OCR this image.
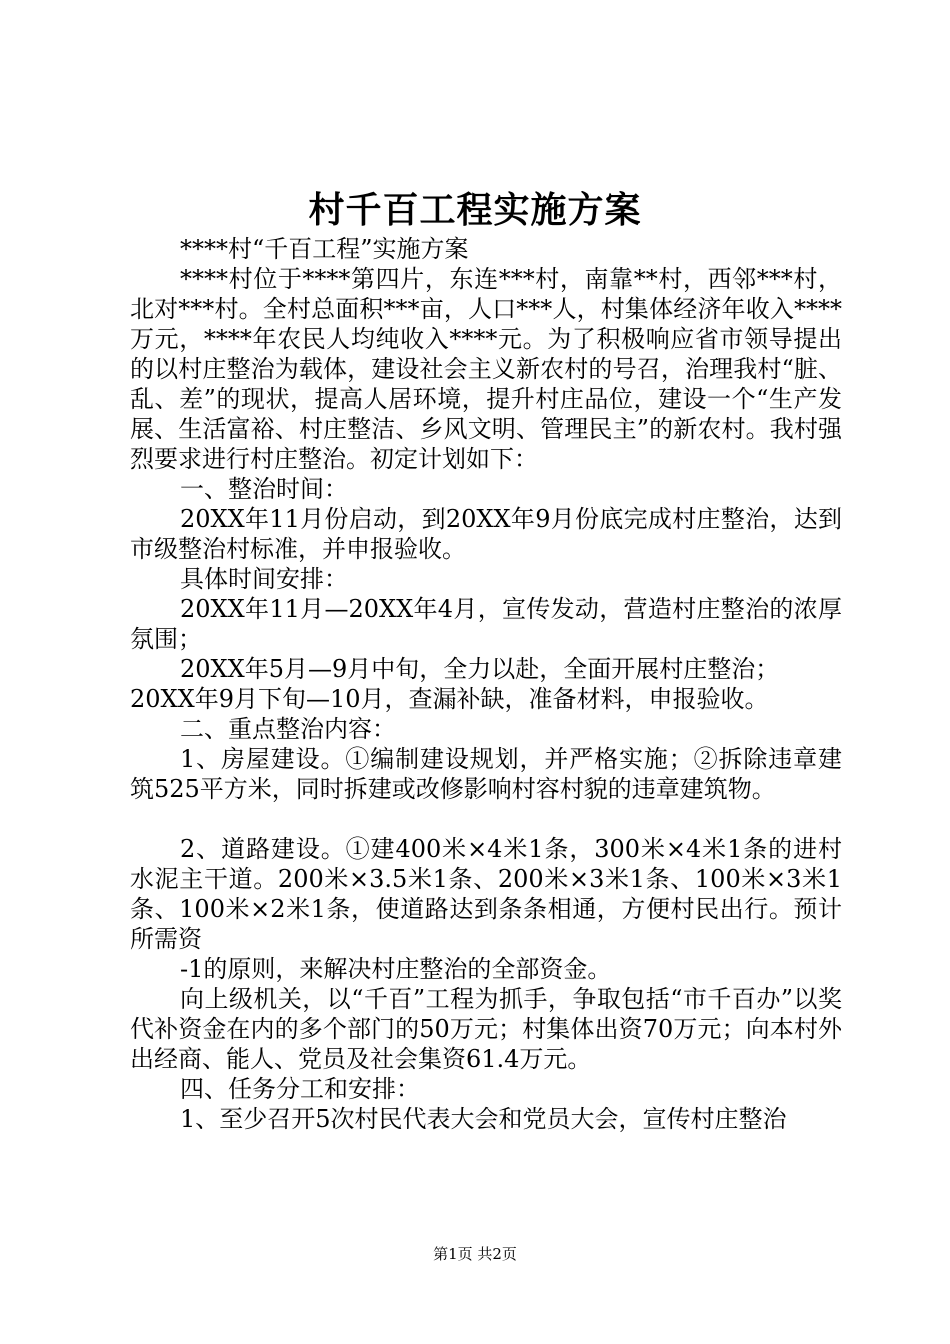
村千百工程实施方案

****村“千百工程”实施方案

****村位于****第四片，东连***村，南靠**村，西邻***村，北对***村。全村总面积***亩，人口***人，村集体经济年收入****万元，****年农民人均纯收入****元。为了积极响应省市领导提出的以村庄整治为载体，建设社会主义新农村的号召，治理我村“脏、乱、差”的现状，提高人居环境，提升村庄品位，建设一个“生产发展、生活富裕、村庄整洁、乡风文明、管理民主”的新农村。我村强烈要求进行村庄整治。初定计划如下：

一、整治时间：

20XX年11月份启动，到20XX年9月份底完成村庄整治，达到市级整治村标准，并申报验收。

具体时间安排：

20XX年11月—20XX年4月，宣传发动，营造村庄整治的浓厚氛围；

20XX年5月—9月中旬，全力以赴，全面开展村庄整治；

20XX年9月下旬—10月，查漏补缺，准备材料，申报验收。

二、重点整治内容：

1、房屋建设。①编制建设规划，并严格实施；②拆除违章建筑525平方米，同时拆建或改修影响村容村貌的违章建筑物。

2、道路建设。①建400米×4米1条，300米×4米1条的进村水泥主干道。200米×3.5米1条、200米×3米1条、100米×3米1条、100米×2米1条，使道路达到条条相通，方便村民出行。预计所需资

-1的原则，来解决村庄整治的全部资金。

向上级机关，以“千百”工程为抓手，争取包括“市千百办”以奖代补资金在内的多个部门的50万元；村集体出资70万元；向本村外出经商、能人、党员及社会集资61.4万元。

四、任务分工和安排：

1、至少召开5次村民代表大会和党员大会，宣传村庄整治

第1页 共2页
